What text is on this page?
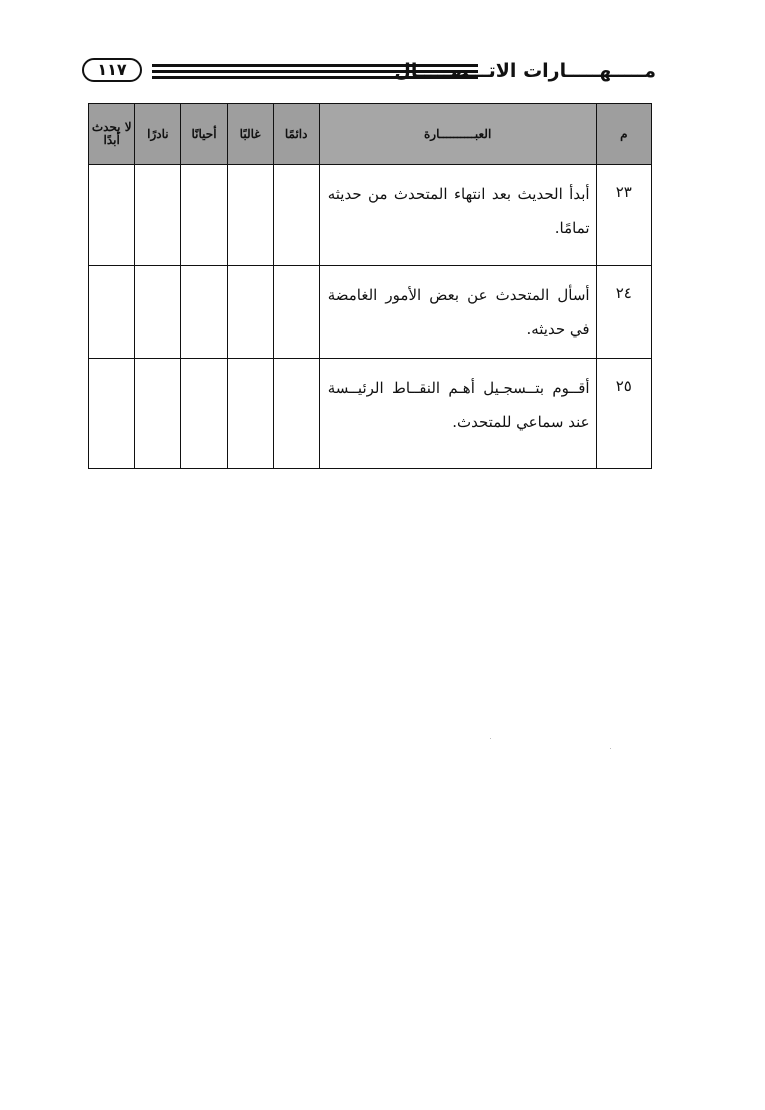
١١٧	مـــــهـــــارات الاتـــصـــــال
م	العبــــــــــارة	دائمًا	غالبًا	أحيانًا	نادرًا	لا يحدث أبدًا
٢٣	أبدأ الحديث بعد انتهاء المتحدث من حديثه تمامًا.					
٢٤	أسأل المتحدث عن بعض الأمور الغامضة في حديثه.					
٢٥	أقــوم بتــسجـيل أهـم النقــاط الرئيــسة عند سماعي للمتحدث.					
